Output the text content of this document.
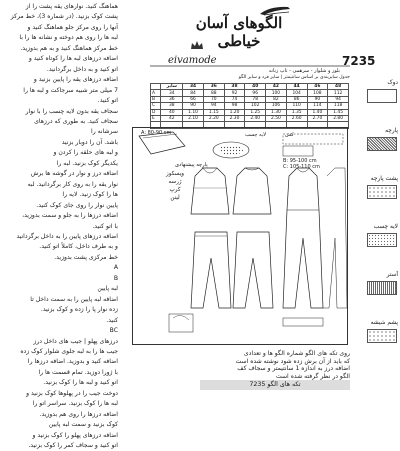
هماهنگ کنید. نوارهای یقه پشت را از
پشت کوک بزنید. (در شماره 3)، خط مرکز
آنها را روی مرکز جلو هماهنگ کنید و
لبه ها را روی هم دوخته و نشانه ها را با
خط مرکز هماهنگ کنید و به هم بدوزید.
اضافه درزهای لبه ها را کوتاه کنید و
اتو کنید و به داخل برگردانید.
اضافه درزهای یقه را پایین بزنید و
7 میلی متر شبیه سرجاکت و لبه ها را
اتو کنید.
سجاف یقه بدون لایه چسب را با نوار
سجاف کنید. به طوری که درزهای
سرشانه را
باشد. آن را دوبار بزنید
و لبه های حلقه را کردن و
یکدیگر کوک بزنید. لبه را
اضافه درز و نوار در گوشه ها برش
نوار یقه را به روی کار برگردانید. لبه
ها را کوک زنید. لایه را
پایین نوار را روی جای کوک کنید.
اضافه درزها را به جلو و سمت بدوزید،
با اتو کنید.
اضافه درزهای پایین را به داخل برگردانید
و به طرف داخل، کاملاً اتو کنید.
خط مرکزی پشت بدوزید.
A
B
لبه پایین
اضافه لبه پایین را به سمت داخل تا
زده نوار پا را زده و کوک بزنید.
کنید.
BC
درزهای پهلو | جیب های داخل درز
جیب ها را به لبه جلوی شلوار کوک زده
اضافه کنید و بدوزید. اضافه درزها را
با ژورا دوزید. تمام قسمت ها را
اتو کنید و لبه ها را کوک بزنید.
دوخت جیب را در پهلوها کوک بزنید و
لبه ها را کوک بزنید. سراسر اتو را
اضافه درزها را روی هم بدوزید.
کوک بزنید و سمت لبه پایین
اضافه درزهای پهلو را کوک بزنید و
اتو کنید و سجاف کمر را کوک بزنید.
الگوهای آسان خیاطی
eivamode	7235
بلوز و شلوار - سرهمی - تاپ زنانه
جدول سایزبندی بر اساس سانتیمتر | سایز فرد و سایز الگو
	سایز	34	36	38	40	42	44	46	48
A	34	84	88	92	96	100	104	108	112
B	36	66	70	74	78	82	86	90	94
C	38	90	94	98	102	106	110	114	118
D	40	1.10	1.15	1.20	1.25	1.30	1.35	1.40	1.45
E	42	2.10	2.20	2.30	2.40	2.50	2.60	2.70	2.80

دوک
پارچه
پشت پارچه
لایه چسب
آستر
پشم شیشه
A: 80-90 cm
B: 95-100 cm
C: 105-110 cm
لایه چسب	کش
پارچه پیشنهادی
ویسکوز
ژرسه
کرپ
لینن
روی تکه های الگو شماره الگو ها و تعدادی
که باید از آن برش زده شود نوشته شده است
اضافه درز به اندازه 1 سانتیمتر و سجاف کف
الگو در نظر گرفته شده است
تکه های الگو 7235
